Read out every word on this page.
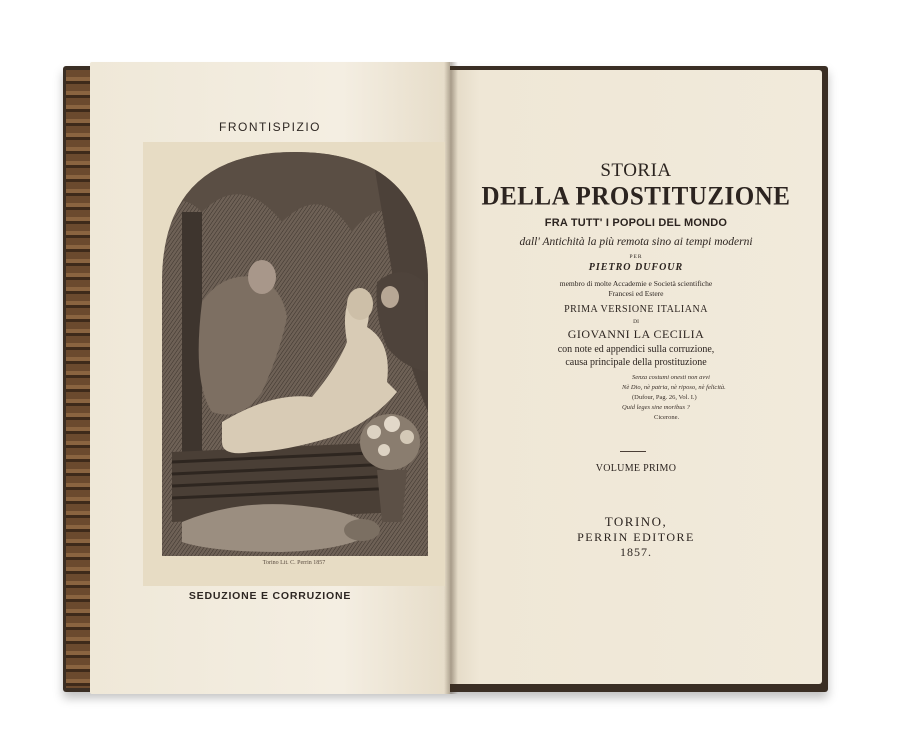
FRONTISPIZIO
Torino Lit. C. Perrin 1857
SEDUZIONE E CORRUZIONE
STORIA
DELLA PROSTITUZIONE
FRA TUTT' I POPOLI DEL MONDO
dall' Antichità la più remota sino ai tempi moderni
PER
PIETRO DUFOUR
membro di molte Accademie e Società scientifiche
Francesi ed Estere
PRIMA VERSIONE ITALIANA
DI
GIOVANNI LA CECILIA
con note ed appendici sulla corruzione,
causa principale della prostituzione
Senza costumi onesti non avvi
Nè Dio, nè patria, nè riposo, nè felicità.
(Dufour, Pag. 26, Vol. I.)
Quid leges sine moribus ?
Cicerone.
VOLUME PRIMO
TORINO,
PERRIN EDITORE
1857.
